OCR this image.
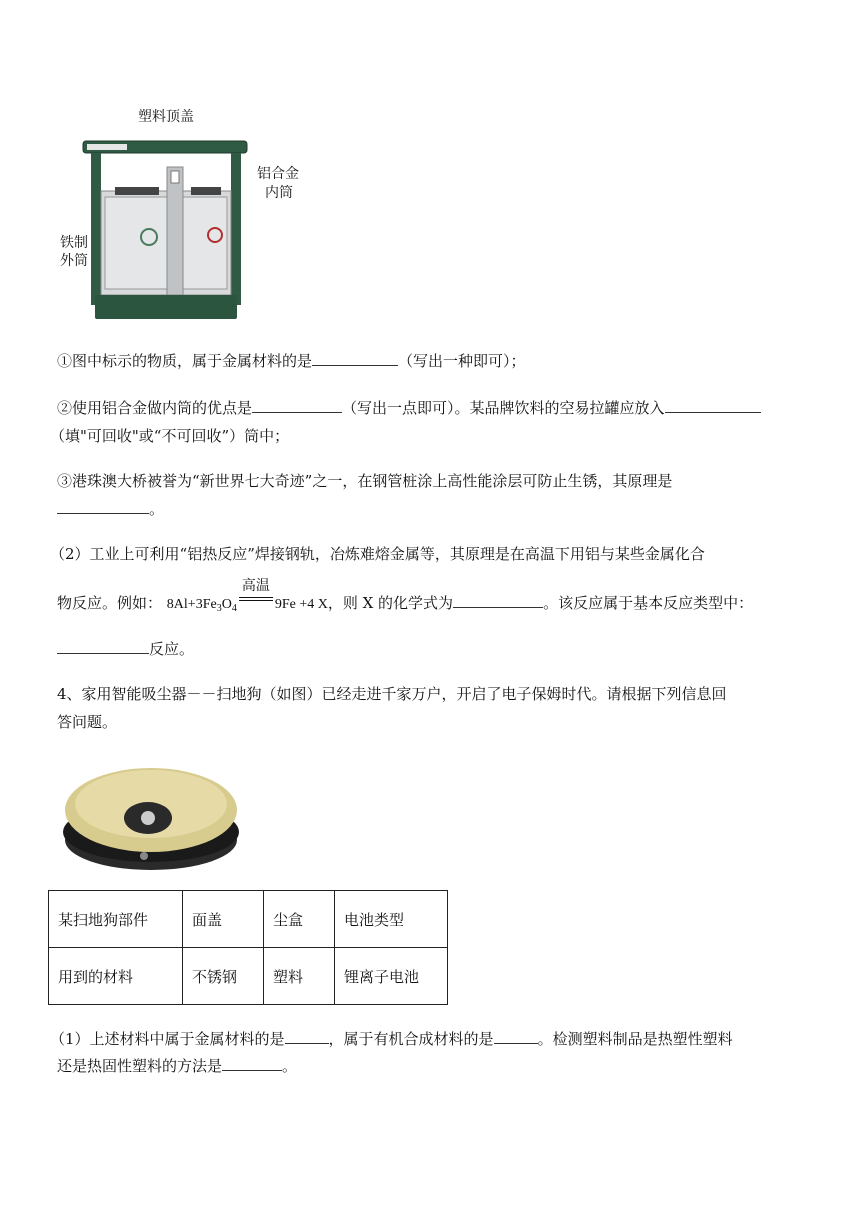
塑料顶盖
铝合金
内筒
铁制
外筒
①图中标示的物质，属于金属材料的是	（写出一种即可）；
②使用铝合金做内筒的优点是	（写出一点即可）。某品牌饮料的空易拉罐应放入
（填"可回收"或“不可回收”）筒中；
③港珠澳大桥被誉为“新世界七大奇迹”之一，在钢管桩涂上高性能涂层可防止生锈，其原理是
。
（2）工业上可利用“铝热反应”焊接钢轨，冶炼难熔金属等，其原理是在高温下用铝与某些金属化合
物反应。例如： $8Al+3Fe_3O_4$
高温
9Fe +4 X，则 X 的化学式为	。该反应属于基本反应类型中：
反应。
4、家用智能吸尘器－－扫地狗（如图）已经走进千家万户，开启了电子保姆时代。请根据下列信息回
答问题。
某扫地狗部件	面盖	尘盒	电池类型
用到的材料	不锈钢	塑料	锂离子电池
（1）上述材料中属于金属材料的是	，属于有机合成材料的是	。检测塑料制品是热塑性塑料
还是热固性塑料的方法是	。
